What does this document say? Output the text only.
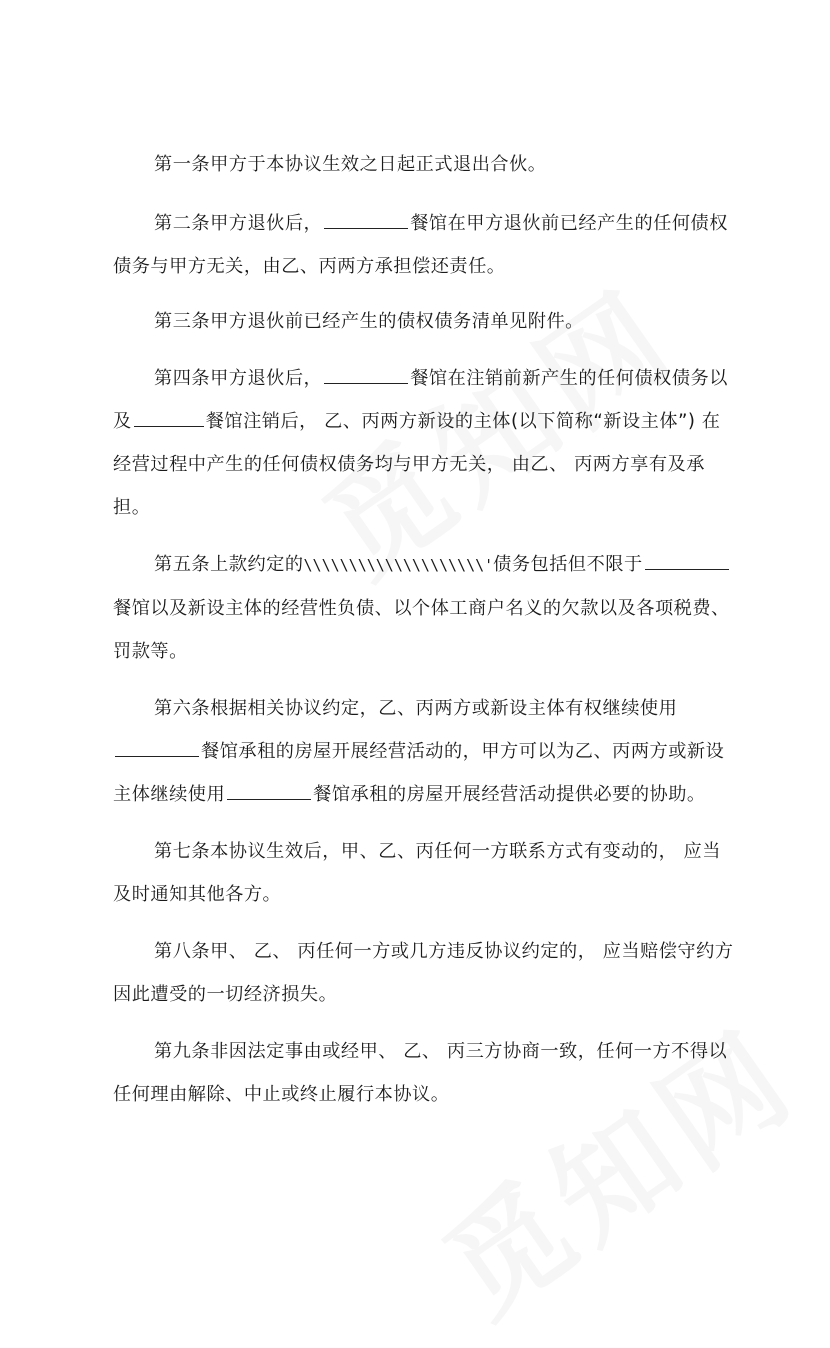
第一条甲方于本协议生效之日起正式退出合伙。

第二条甲方退伙后，	餐馆在甲方退伙前已经产生的任何债权债务与甲方无关，由乙、丙两方承担偿还责任。

第三条甲方退伙前已经产生的债权债务清单见附件。

第四条甲方退伙后，	餐馆在注销前新产生的任何债权债务以及	餐馆注销后， 乙、丙两方新设的主体(以下简称“新设主体”) 在经营过程中产生的任何债权债务均与甲方无关， 由乙、 丙两方享有及承担。

第五条上款约定的\\\\\\\\\\\\\\\\\\\\'债务包括但不限于餐馆以及新设主体的经营性负债、以个体工商户名义的欠款以及各项税费、罚款等。

第六条根据相关协议约定，乙、丙两方或新设主体有权继续使用餐馆承租的房屋开展经营活动的，甲方可以为乙、丙两方或新设主体继续使用	餐馆承租的房屋开展经营活动提供必要的协助。

第七条本协议生效后，甲、乙、丙任何一方联系方式有变动的， 应当及时通知其他各方。

第八条甲、 乙、 丙任何一方或几方违反协议约定的， 应当赔偿守约方因此遭受的一切经济损失。

第九条非因法定事由或经甲、 乙、 丙三方协商一致，任何一方不得以任何理由解除、中止或终止履行本协议。
